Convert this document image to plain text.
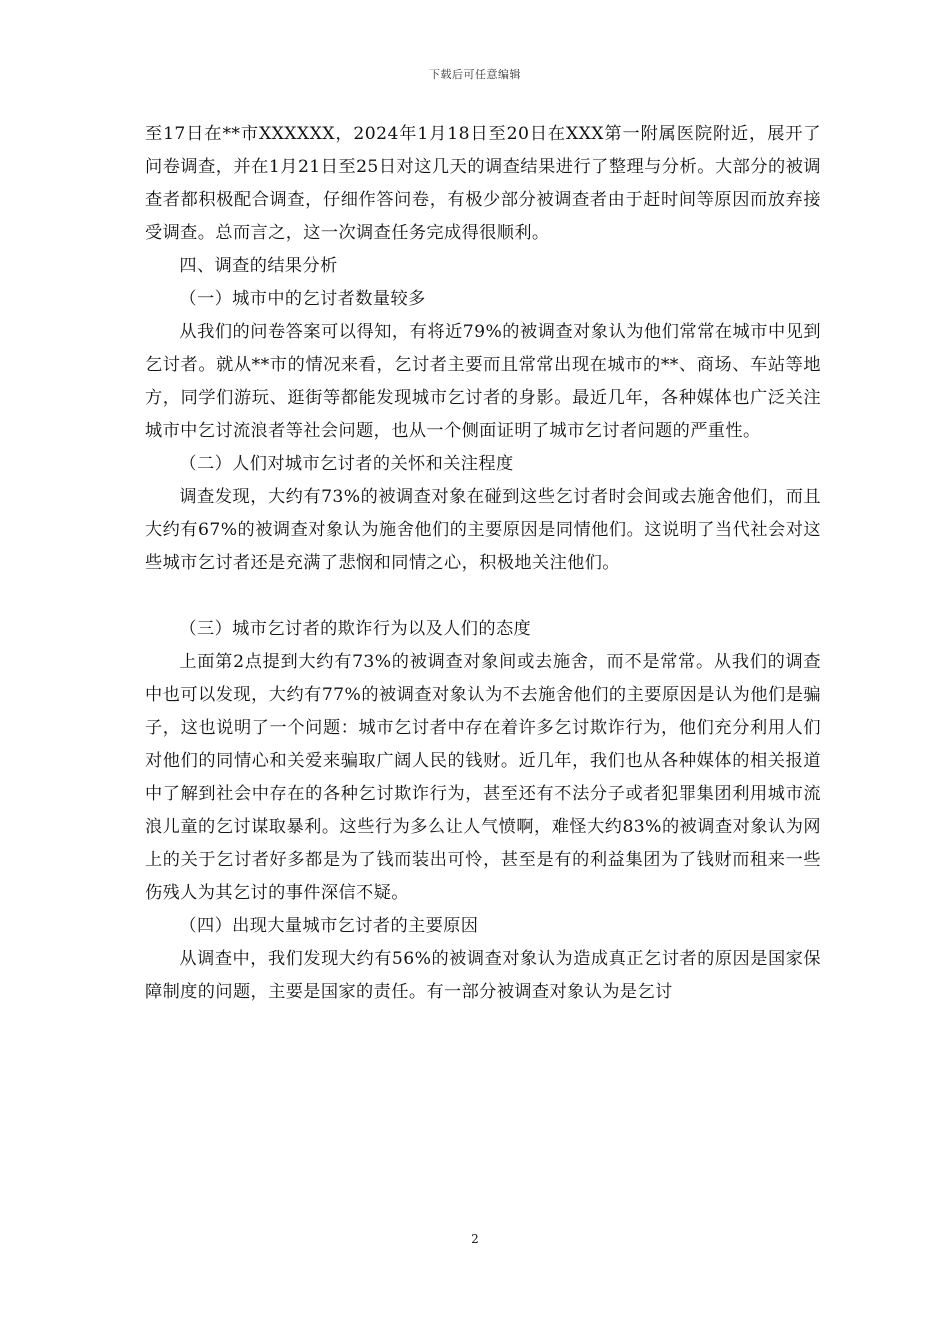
下载后可任意编辑

至17日在**市XXXXXX，2024年1月18日至20日在XXX第一附属医院附近，展开了问卷调查，并在1月21日至25日对这几天的调查结果进行了整理与分析。大部分的被调查者都积极配合调查，仔细作答问卷，有极少部分被调查者由于赶时间等原因而放弃接受调查。总而言之，这一次调查任务完成得很顺利。

四、调查的结果分析

（一）城市中的乞讨者数量较多

从我们的问卷答案可以得知，有将近79%的被调查对象认为他们常常在城市中见到乞讨者。就从**市的情况来看，乞讨者主要而且常常出现在城市的**、商场、车站等地方，同学们游玩、逛街等都能发现城市乞讨者的身影。最近几年，各种媒体也广泛关注城市中乞讨流浪者等社会问题，也从一个侧面证明了城市乞讨者问题的严重性。

（二）人们对城市乞讨者的关怀和关注程度

调查发现，大约有73%的被调查对象在碰到这些乞讨者时会间或去施舍他们，而且大约有67%的被调查对象认为施舍他们的主要原因是同情他们。这说明了当代社会对这些城市乞讨者还是充满了悲悯和同情之心，积极地关注他们。

（三）城市乞讨者的欺诈行为以及人们的态度

上面第2点提到大约有73%的被调查对象间或去施舍，而不是常常。从我们的调查中也可以发现，大约有77%的被调查对象认为不去施舍他们的主要原因是认为他们是骗子，这也说明了一个问题：城市乞讨者中存在着许多乞讨欺诈行为，他们充分利用人们对他们的同情心和关爱来骗取广阔人民的钱财。近几年，我们也从各种媒体的相关报道中了解到社会中存在的各种乞讨欺诈行为，甚至还有不法分子或者犯罪集团利用城市流浪儿童的乞讨谋取暴利。这些行为多么让人气愤啊，难怪大约83%的被调查对象认为网上的关于乞讨者好多都是为了钱而装出可怜，甚至是有的利益集团为了钱财而租来一些伤残人为其乞讨的事件深信不疑。

（四）出现大量城市乞讨者的主要原因

从调查中，我们发现大约有56%的被调查对象认为造成真正乞讨者的原因是国家保障制度的问题，主要是国家的责任。有一部分被调查对象认为是乞讨

2
